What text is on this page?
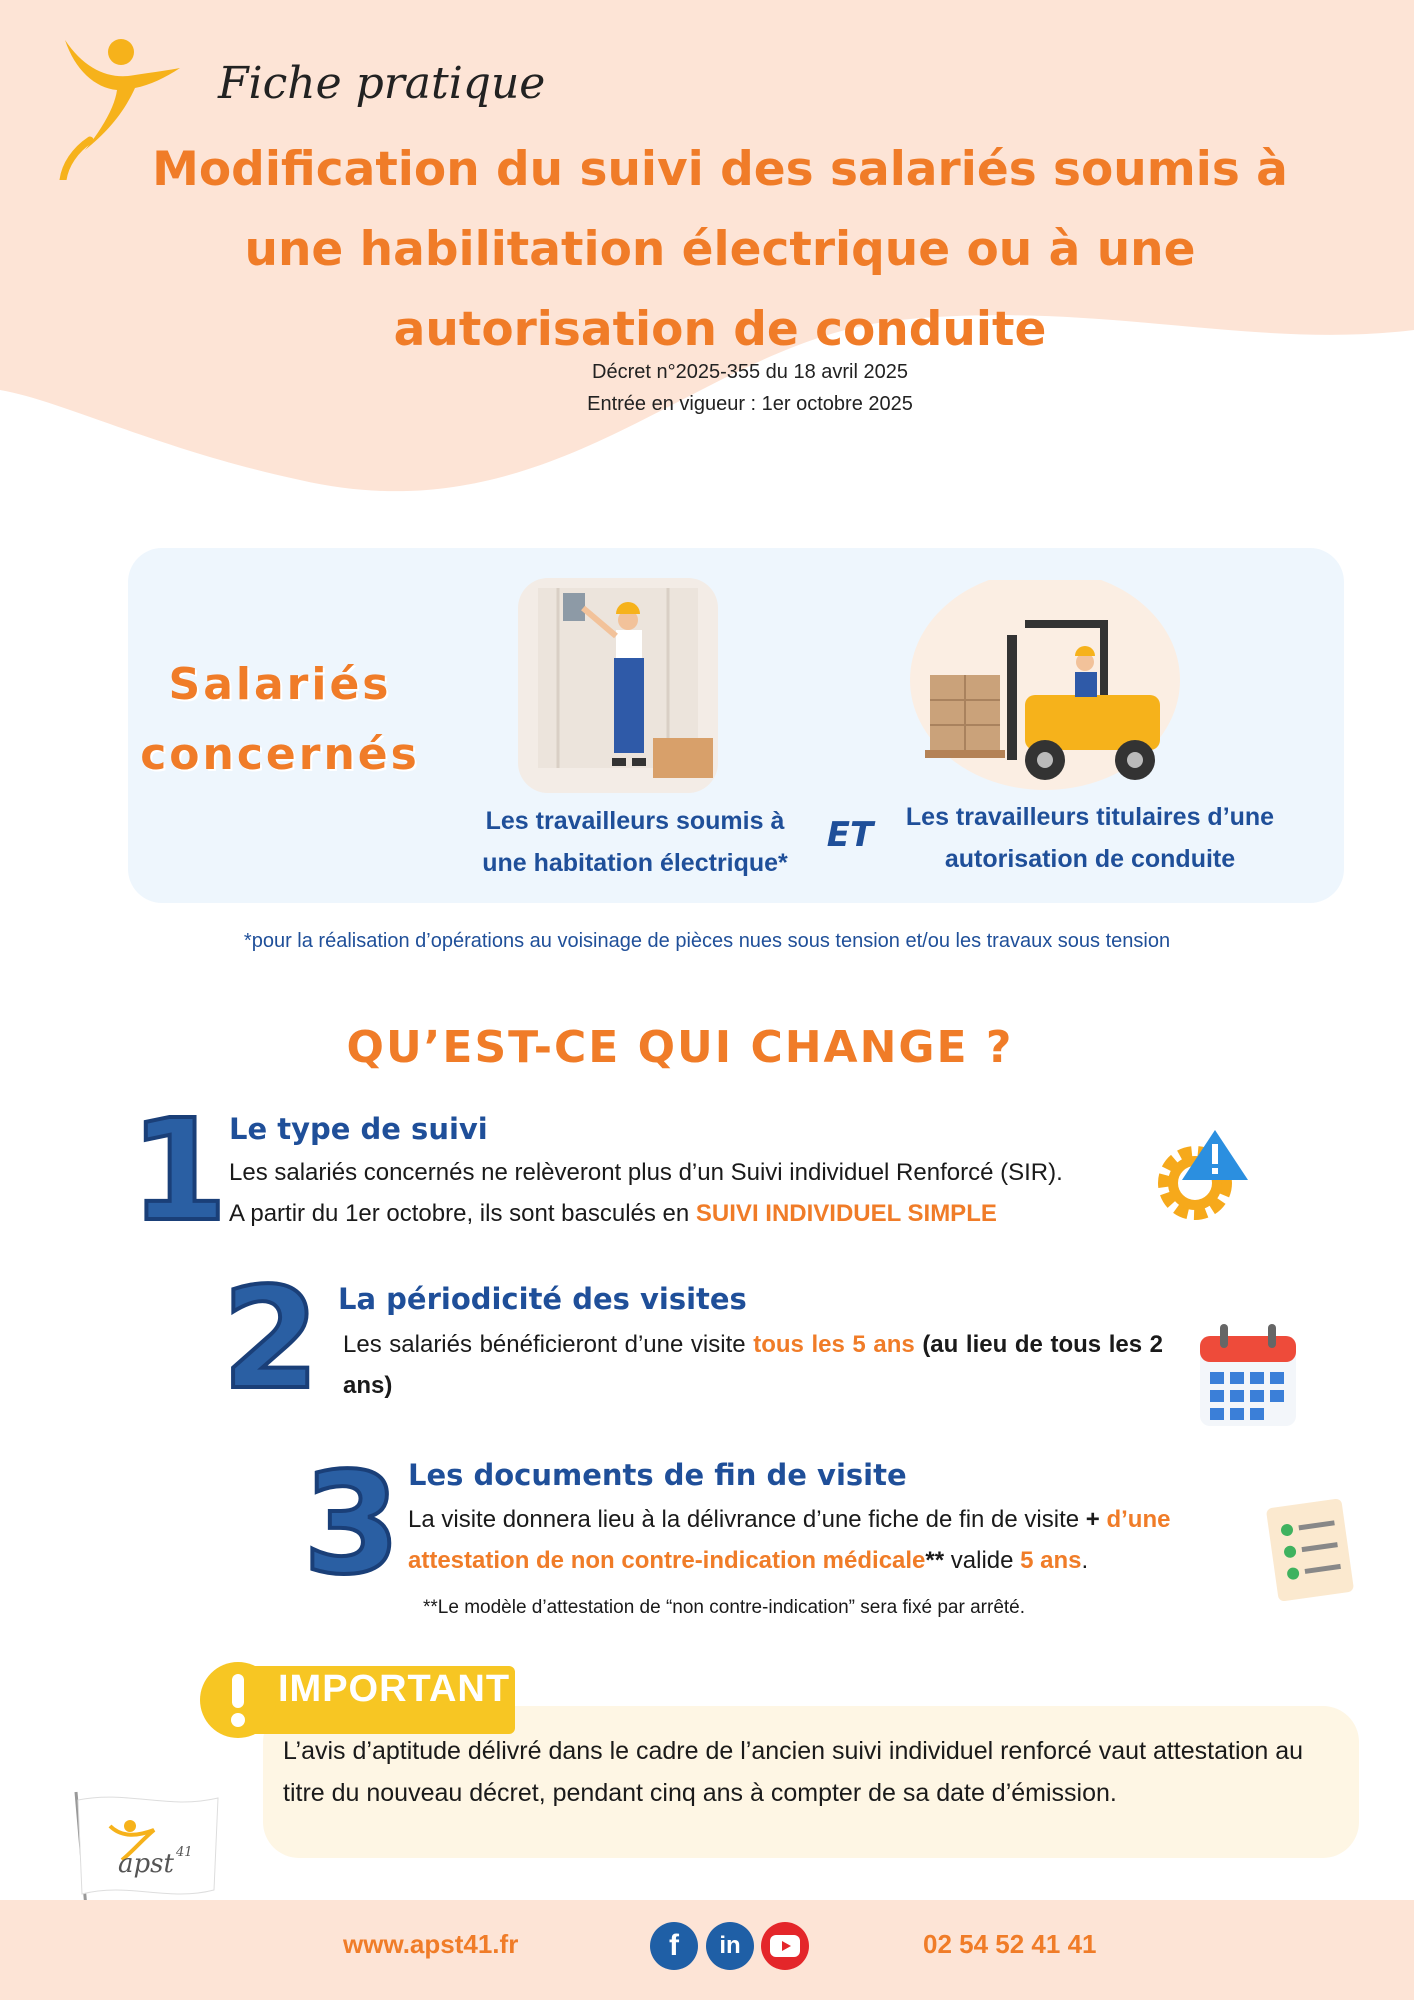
Fiche pratique
Modification du suivi des salariés soumis à une habilitation électrique ou à une autorisation de conduite
Décret n°2025-355 du 18 avril 2025
Entrée en vigueur : 1er octobre 2025
Salariés
concernés
Les travailleurs soumis à
une habitation électrique*
ET	Les travailleurs titulaires d’une
autorisation de conduite
*pour la réalisation d’opérations au voisinage de pièces nues sous tension et/ou les travaux sous tension
QU’EST-CE QUI CHANGE ?
1 Le type de suivi
Les salariés concernés ne relèveront plus d’un Suivi individuel Renforcé (SIR).
A partir du 1er octobre, ils sont basculés en SUIVI INDIVIDUEL SIMPLE
2 La périodicité des visites
Les salariés bénéficieront d’une visite tous les 5 ans (au lieu de tous les 2 ans)
3 Les documents de fin de visite
La visite donnera lieu à la délivrance d’une fiche de fin de visite + d’une attestation de non contre-indication médicale** valide 5 ans.
**Le modèle d’attestation de “non contre-indication” sera fixé par arrêté.
IMPORTANT
L’avis d’aptitude délivré dans le cadre de l’ancien suivi individuel renforcé vaut attestation au titre du nouveau décret, pendant cinq ans à compter de sa date d’émission.
apst 41
www.apst41.fr	f	in	02 54 52 41 41
